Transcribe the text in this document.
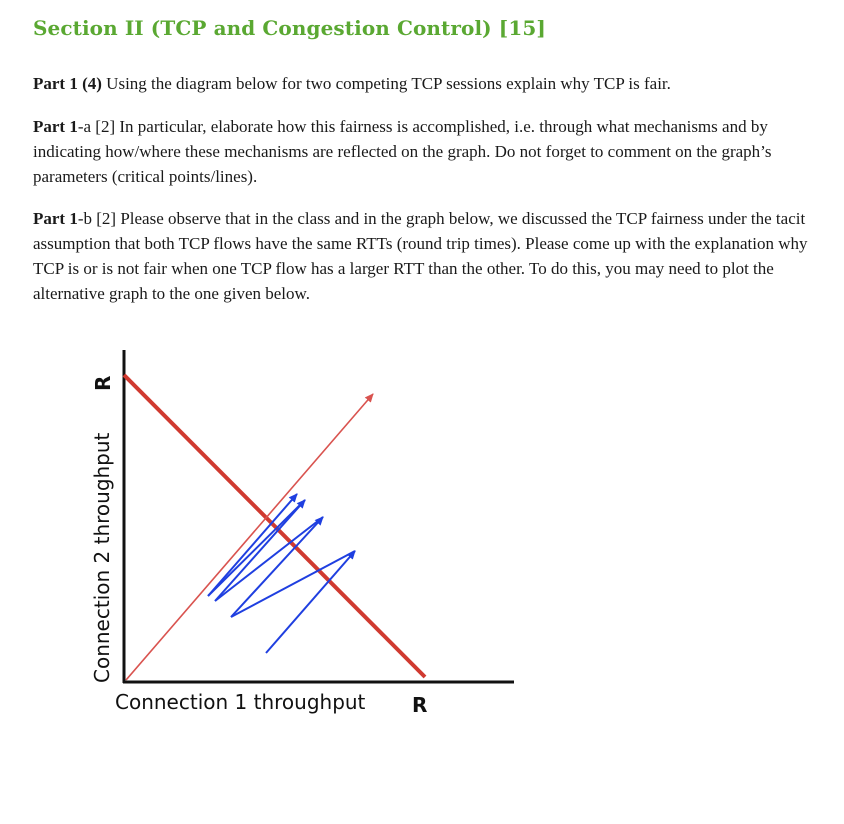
Section II (TCP and Congestion Control) [15]

Part 1 (4) Using the diagram below for two competing TCP sessions explain why TCP is fair.

Part 1-a [2] In particular, elaborate how this fairness is accomplished, i.e. through what mechanisms and by indicating how/where these mechanisms are reflected on the graph. Do not forget to comment on the graph’s parameters (critical points/lines).

Part 1-b [2] Please observe that in the class and in the graph below, we discussed the TCP fairness under the tacit assumption that both TCP flows have the same RTTs (round trip times). Please come up with the explanation why TCP is or is not fair when one TCP flow has a larger RTT than the other. To do this, you may need to plot the alternative graph to the one given below.

Connection 1 throughput R
Connection 2 throughput
R
